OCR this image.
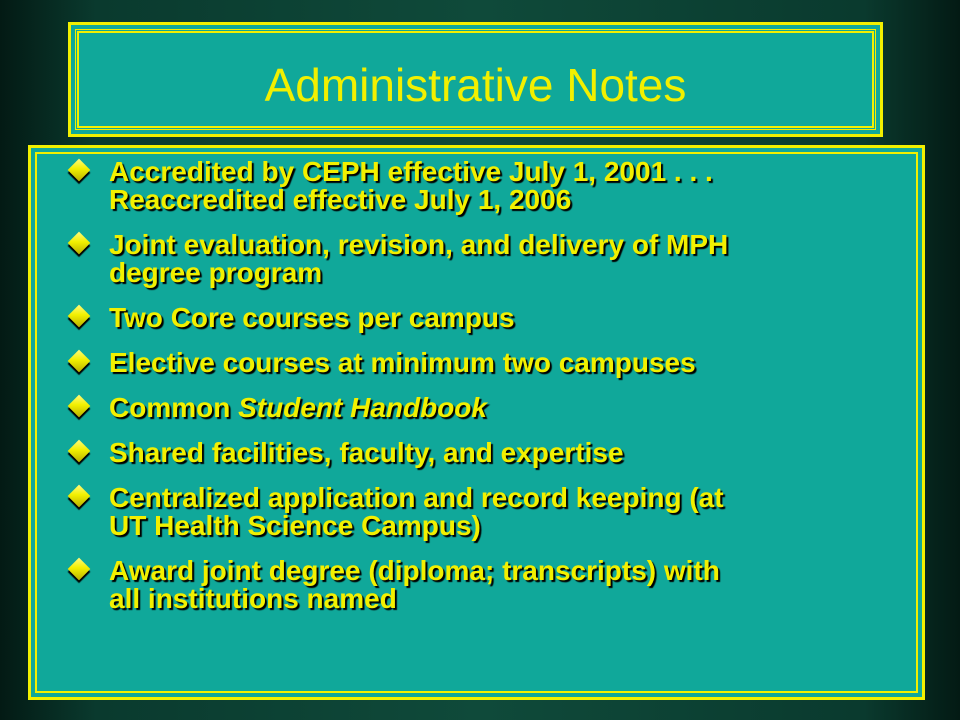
Administrative Notes
Accredited by CEPH effective July 1, 2001 . . .
Reaccredited effective July 1, 2006
Joint evaluation, revision, and delivery of MPH
degree program
Two Core courses per campus
Elective courses at minimum two campuses
Common Student Handbook
Shared facilities, faculty, and expertise
Centralized application and record keeping (at
UT Health Science Campus)
Award joint degree (diploma; transcripts) with
all institutions named
